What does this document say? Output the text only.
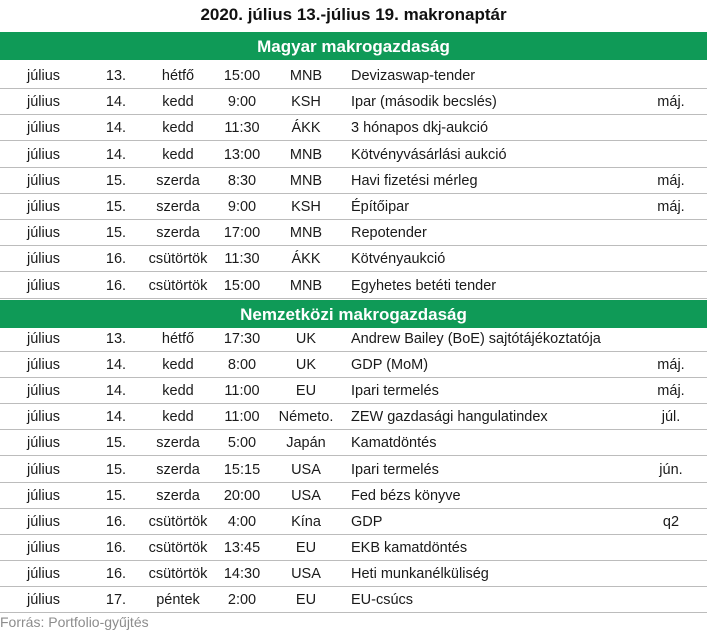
2020. július 13.-július 19. makronaptár
Magyar makrogazdaság
július	13.	hétfő	15:00	MNB	Devizaswap-tender
július	14.	kedd	9:00	KSH	Ipar (második becslés)	máj.
július	14.	kedd	11:30	ÁKK	3 hónapos dkj-aukció
július	14.	kedd	13:00	MNB	Kötvényvásárlási aukció
július	15.	szerda	8:30	MNB	Havi fizetési mérleg	máj.
július	15.	szerda	9:00	KSH	Építőipar	máj.
július	15.	szerda	17:00	MNB	Repotender
július	16.	csütörtök	11:30	ÁKK	Kötvényaukció
július	16.	csütörtök	15:00	MNB	Egyhetes betéti tender
Nemzetközi makrogazdaság
július	13.	hétfő	17:30	UK	Andrew Bailey (BoE) sajtótájékoztatója
július	14.	kedd	8:00	UK	GDP (MoM)	máj.
július	14.	kedd	11:00	EU	Ipari termelés	máj.
július	14.	kedd	11:00	Németo.	ZEW gazdasági hangulatindex	júl.
július	15.	szerda	5:00	Japán	Kamatdöntés
július	15.	szerda	15:15	USA	Ipari termelés	jún.
július	15.	szerda	20:00	USA	Fed bézs könyve
július	16.	csütörtök	4:00	Kína	GDP	q2
július	16.	csütörtök	13:45	EU	EKB kamatdöntés
július	16.	csütörtök	14:30	USA	Heti munkanélküliség
július	17.	péntek	2:00	EU	EU-csúcs
Forrás: Portfolio-gyűjtés
